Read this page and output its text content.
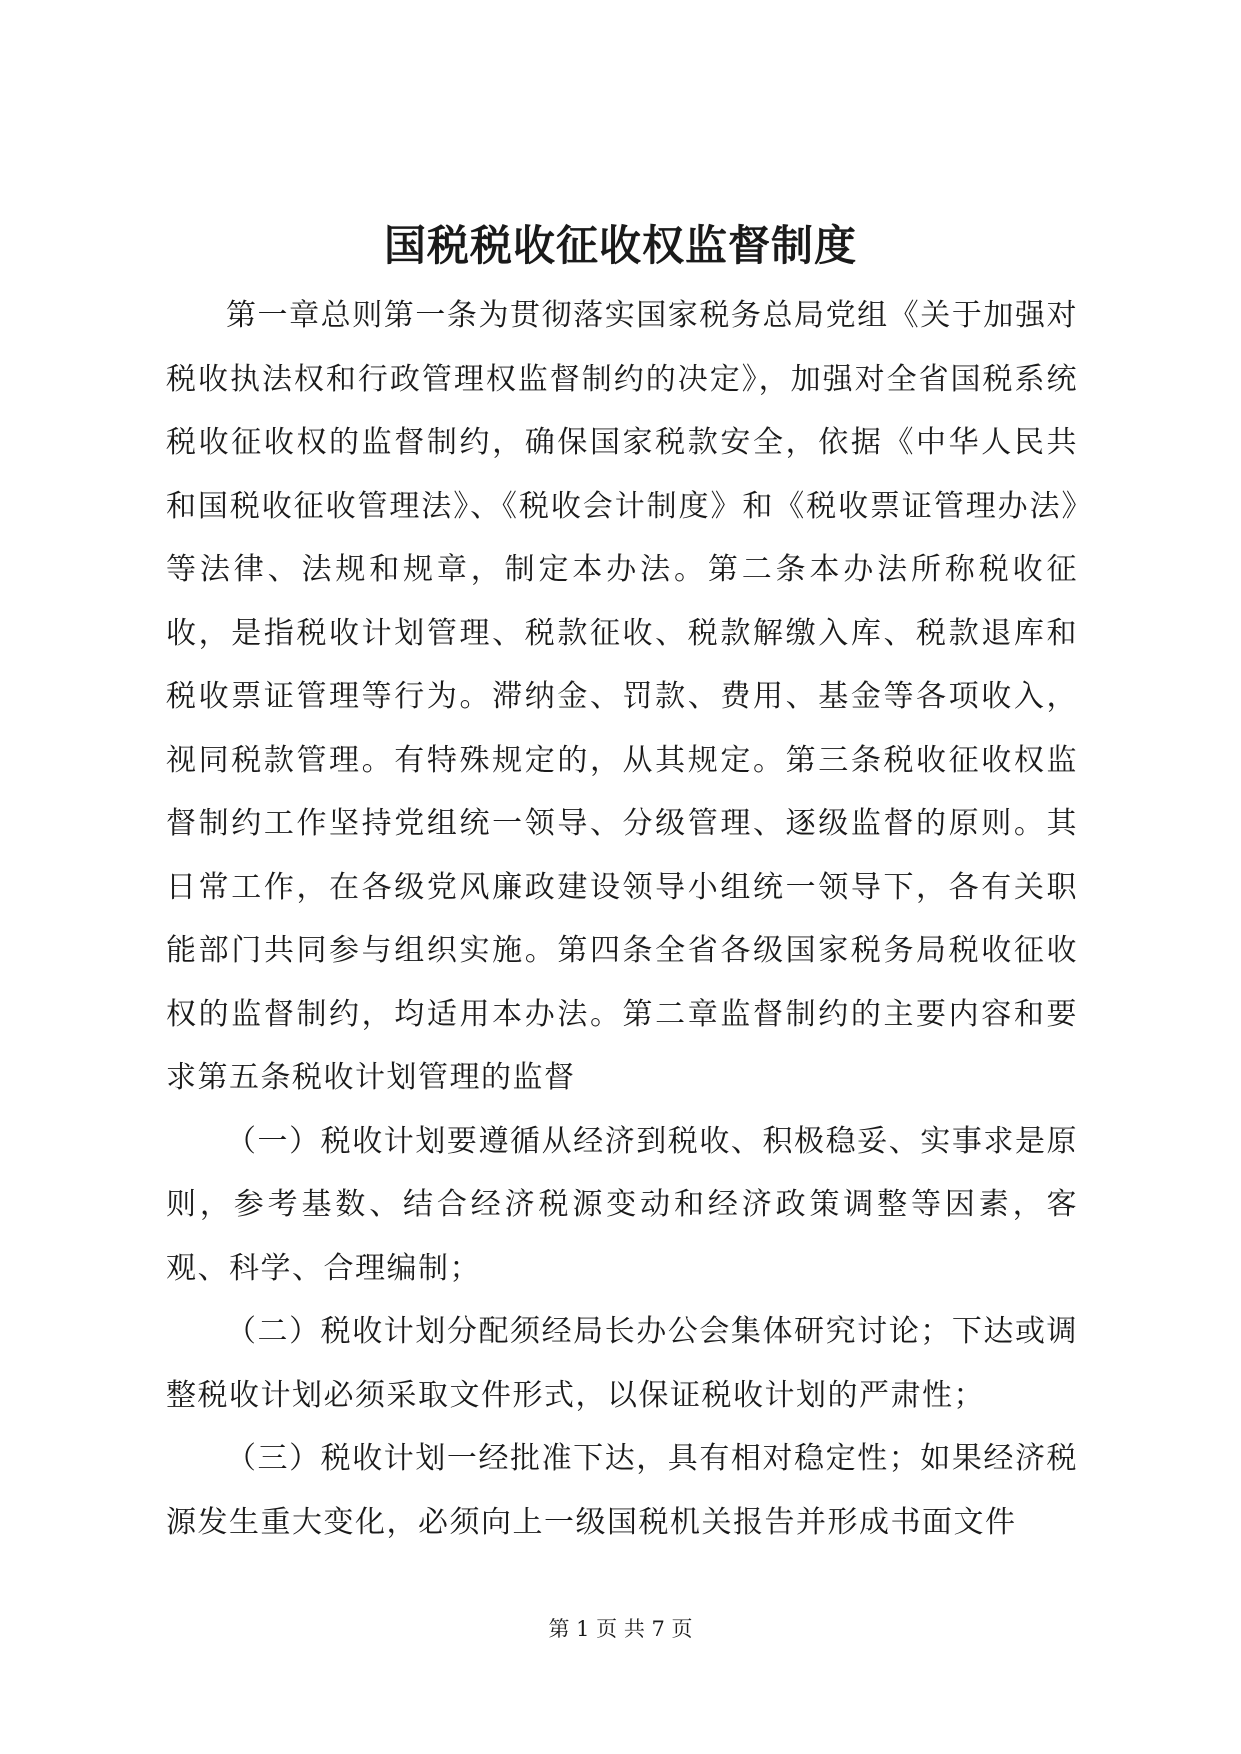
国税税收征收权监督制度

第一章总则第一条为贯彻落实国家税务总局党组《关于加强对税收执法权和行政管理权监督制约的决定》，加强对全省国税系统税收征收权的监督制约，确保国家税款安全，依据《中华人民共和国税收征收管理法》、《税收会计制度》和《税收票证管理办法》等法律、法规和规章，制定本办法。第二条本办法所称税收征收，是指税收计划管理、税款征收、税款解缴入库、税款退库和税收票证管理等行为。滞纳金、罚款、费用、基金等各项收入，视同税款管理。有特殊规定的，从其规定。第三条税收征收权监督制约工作坚持党组统一领导、分级管理、逐级监督的原则。其日常工作，在各级党风廉政建设领导小组统一领导下，各有关职能部门共同参与组织实施。第四条全省各级国家税务局税收征收权的监督制约，均适用本办法。第二章监督制约的主要内容和要求第五条税收计划管理的监督

（一）税收计划要遵循从经济到税收、积极稳妥、实事求是原则，参考基数、结合经济税源变动和经济政策调整等因素，客观、科学、合理编制；

（二）税收计划分配须经局长办公会集体研究讨论；下达或调整税收计划必须采取文件形式，以保证税收计划的严肃性；

（三）税收计划一经批准下达，具有相对稳定性；如果经济税源发生重大变化，必须向上一级国税机关报告并形成书面文件

第 1 页 共 7 页
